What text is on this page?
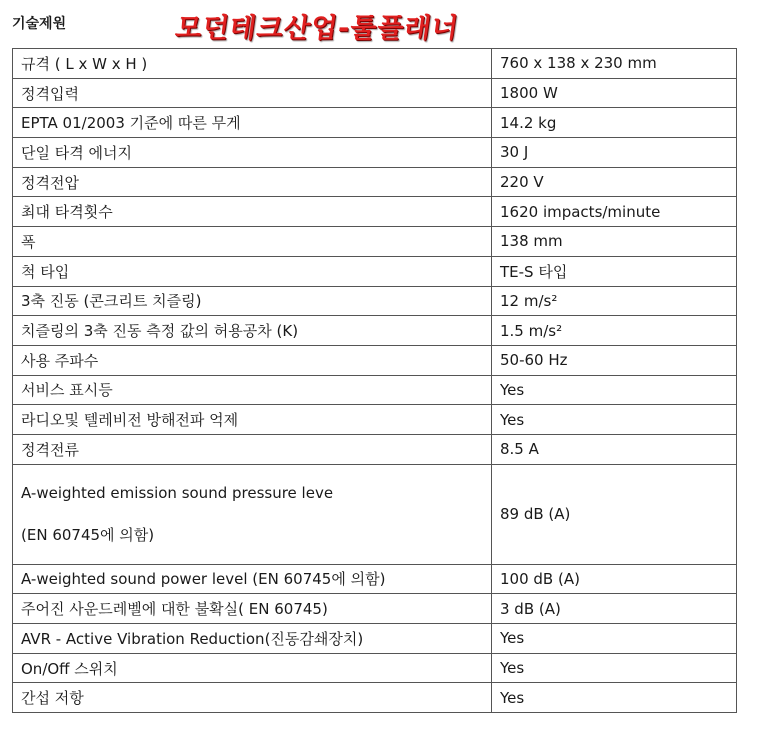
기술제원	모던테크산업-툴플래너
규격 ( L x W x H )	760 x 138 x 230 mm
정격입력	1800 W
EPTA 01/2003 기준에 따른 무게	14.2 kg
단일 타격 에너지	30 J
정격전압	220 V
최대 타격횟수	1620 impacts/minute
폭	138 mm
척 타입	TE-S 타입
3축 진동 (콘크리트 치즐링)	12 m/s²
치즐링의 3축 진동 측정 값의 허용공차 (K)	1.5 m/s²
사용 주파수	50-60 Hz
서비스 표시등	Yes
라디오및 텔레비전 방해전파 억제	Yes
정격전류	8.5 A
A-weighted emission sound pressure leve
(EN 60745에 의함)	89 dB (A)
A-weighted sound power level (EN 60745에 의함)	100 dB (A)
주어진 사운드레벨에 대한 불확실( EN 60745)	3 dB (A)
AVR - Active Vibration Reduction(진동감쇄장치)	Yes
On/Off 스위치	Yes
간섭 저항	Yes
